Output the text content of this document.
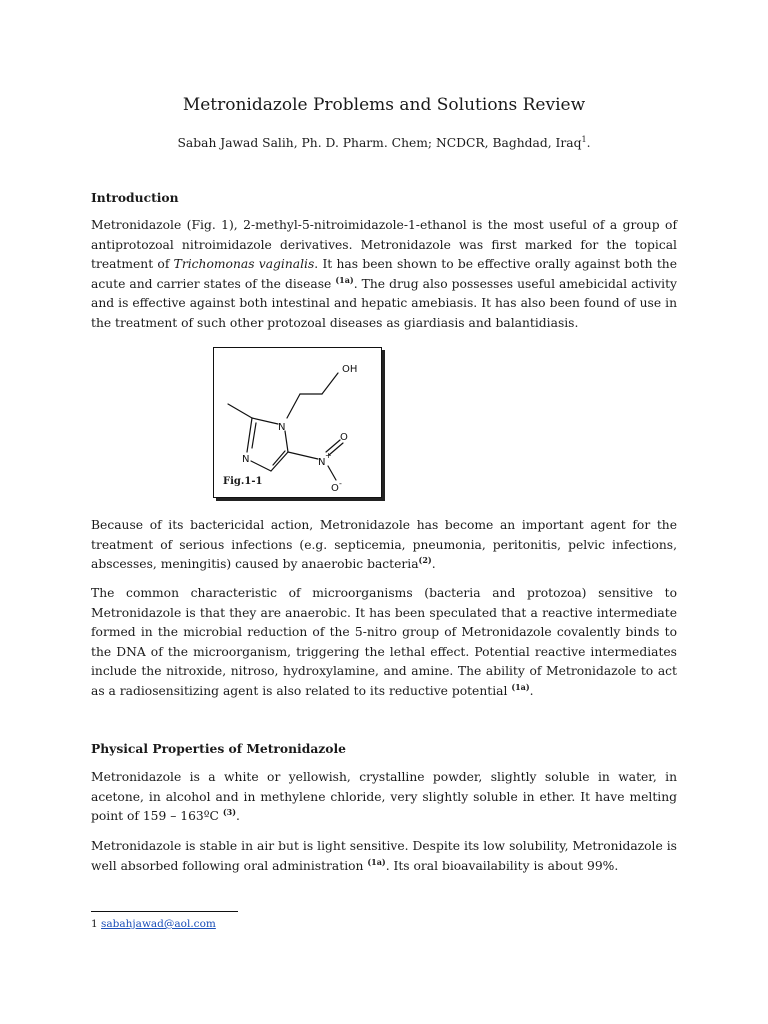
Metronidazole Problems and Solutions Review
Sabah Jawad Salih, Ph. D. Pharm. Chem; NCDCR, Baghdad, Iraq$^1$.
Introduction
Metronidazole (Fig. 1), 2-methyl-5-nitroimidazole-1-ethanol is the most useful of a group of antiprotozoal nitroimidazole derivatives. Metronidazole was first marked for the topical treatment of Trichomonas vaginalis. It has been shown to be effective orally against both the acute and carrier states of the disease $^{(1a)}$. The drug also possesses useful amebicidal activity and is effective against both intestinal and hepatic amebiasis. It has also been found of use in the treatment of such other protozoal diseases as giardiasis and balantidiasis.
OH
N
N	N
+
O
O -
Fig.1-1
Because of its bactericidal action, Metronidazole has become an important agent for the treatment of serious infections (e.g. septicemia, pneumonia, peritonitis, pelvic infections, abscesses, meningitis) caused by anaerobic bacteria$^{(2)}$.
The common characteristic of microorganisms (bacteria and protozoa) sensitive to Metronidazole is that they are anaerobic. It has been speculated that a reactive intermediate formed in the microbial reduction of the 5-nitro group of Metronidazole covalently binds to the DNA of the microorganism, triggering the lethal effect. Potential reactive intermediates include the nitroxide, nitroso, hydroxylamine, and amine. The ability of Metronidazole to act as a radiosensitizing agent is also related to its reductive potential $^{(1a)}$.
Physical Properties of Metronidazole
Metronidazole is a white or yellowish, crystalline powder, slightly soluble in water, in acetone, in alcohol and in methylene chloride, very slightly soluble in ether. It have melting point of 159 – 163ºC $^{(3)}$.
Metronidazole is stable in air but is light sensitive. Despite its low solubility, Metronidazole is well absorbed following oral administration $^{(1a)}$. Its oral bioavailability is about 99%.
1 sabahjawad@aol.com
